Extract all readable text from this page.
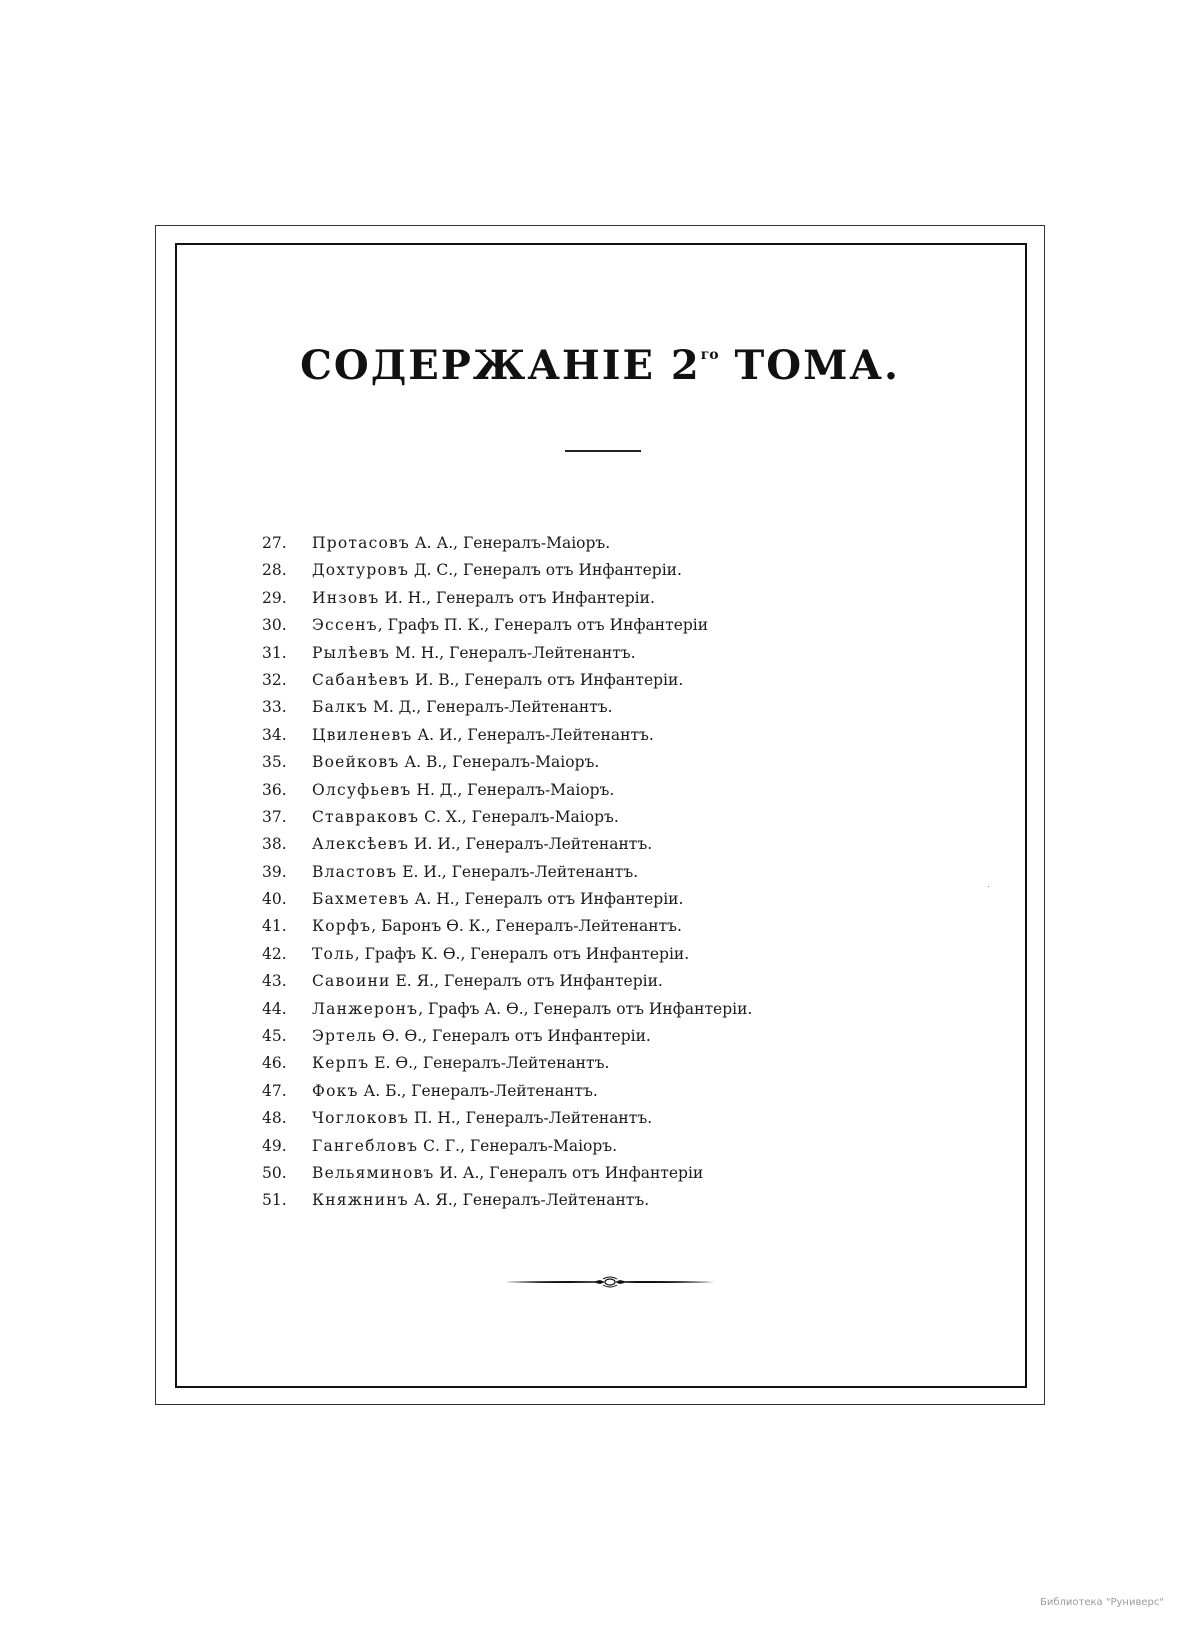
СОДЕРЖАНІЕ $2^{го}$ ТОМА.
27. Протасовъ А. А., Генералъ-Маіоръ.
28. Дохтуровъ Д. С., Генералъ отъ Инфантеріи.
29. Инзовъ И. Н., Генералъ отъ Инфантеріи.
30. Эссенъ, Графъ П. К., Генералъ отъ Инфантеріи
31. Рылѣевъ М. Н., Генералъ-Лейтенантъ.
32. Сабанѣевъ И. В., Генералъ отъ Инфантеріи.
33. Балкъ М. Д., Генералъ-Лейтенантъ.
34. Цвиленевъ А. И., Генералъ-Лейтенантъ.
35. Воейковъ А. В., Генералъ-Маіоръ.
36. Олсуфьевъ Н. Д., Генералъ-Маіоръ.
37. Ставраковъ С. Х., Генералъ-Маіоръ.
38. Алексѣевъ И. И., Генералъ-Лейтенантъ.
39. Властовъ Е. И., Генералъ-Лейтенантъ.
40. Бахметевъ А. Н., Генералъ отъ Инфантеріи.
41. Корфъ, Баронъ Ѳ. К., Генералъ-Лейтенантъ.
42. Толь, Графъ К. Ѳ., Генералъ отъ Инфантеріи.
43. Савоини Е. Я., Генералъ отъ Инфантеріи.
44. Ланжеронъ, Графъ А. Ѳ., Генералъ отъ Инфантеріи.
45. Эртель Ѳ. Ѳ., Генералъ отъ Инфантеріи.
46. Керпъ Е. Ѳ., Генералъ-Лейтенантъ.
47. Фокъ А. Б., Генералъ-Лейтенантъ.
48. Чоглоковъ П. Н., Генералъ-Лейтенантъ.
49. Гангебловъ С. Г., Генералъ-Маіоръ.
50. Вельяминовъ И. А., Генералъ отъ Инфантеріи
51. Княжнинъ А. Я., Генералъ-Лейтенантъ.
Библиотека "Руниверс"
